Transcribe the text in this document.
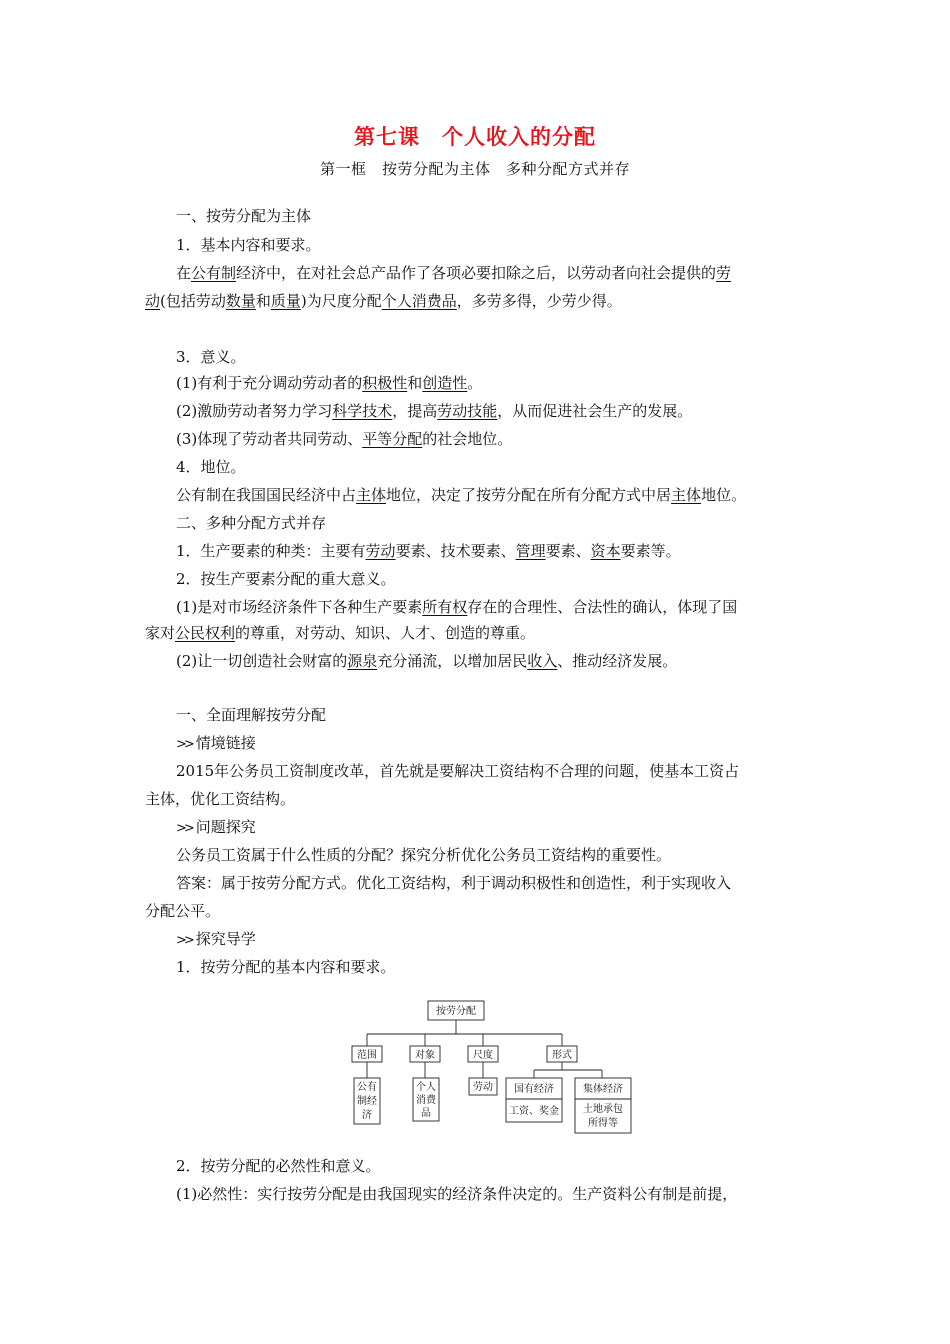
第七课　个人收入的分配
第一框　按劳分配为主体　多种分配方式并存
一、按劳分配为主体
1．基本内容和要求。
在公有制经济中，在对社会总产品作了各项必要扣除之后，以劳动者向社会提供的劳
动(包括劳动数量和质量)为尺度分配个人消费品，多劳多得，少劳少得。
3．意义。
(1)有利于充分调动劳动者的积极性和创造性。
(2)激励劳动者努力学习科学技术，提高劳动技能，从而促进社会生产的发展。
(3)体现了劳动者共同劳动、平等分配的社会地位。
4．地位。
公有制在我国国民经济中占主体地位，决定了按劳分配在所有分配方式中居主体地位。
二、多种分配方式并存
1．生产要素的种类：主要有劳动要素、技术要素、管理要素、资本要素等。
2．按生产要素分配的重大意义。
(1)是对市场经济条件下各种生产要素所有权存在的合理性、合法性的确认，体现了国
家对公民权利的尊重，对劳动、知识、人才、创造的尊重。
(2)让一切创造社会财富的源泉充分涌流，以增加居民收入、推动经济发展。
一、全面理解按劳分配
>> 情境链接
2015年公务员工资制度改革，首先就是要解决工资结构不合理的问题，使基本工资占
主体，优化工资结构。
>> 问题探究
公务员工资属于什么性质的分配？探究分析优化公务员工资结构的重要性。
答案：属于按劳分配方式。优化工资结构，利于调动积极性和创造性，利于实现收入
分配公平。
>> 探究导学
1．按劳分配的基本内容和要求。
按劳分配
范围	对象	尺度	形式
公有
制经
济
个人
消费
品
劳动 国有经济
工资、奖金
集体经济
土地承包
所得等
2．按劳分配的必然性和意义。
(1)必然性：实行按劳分配是由我国现实的经济条件决定的。生产资料公有制是前提，
